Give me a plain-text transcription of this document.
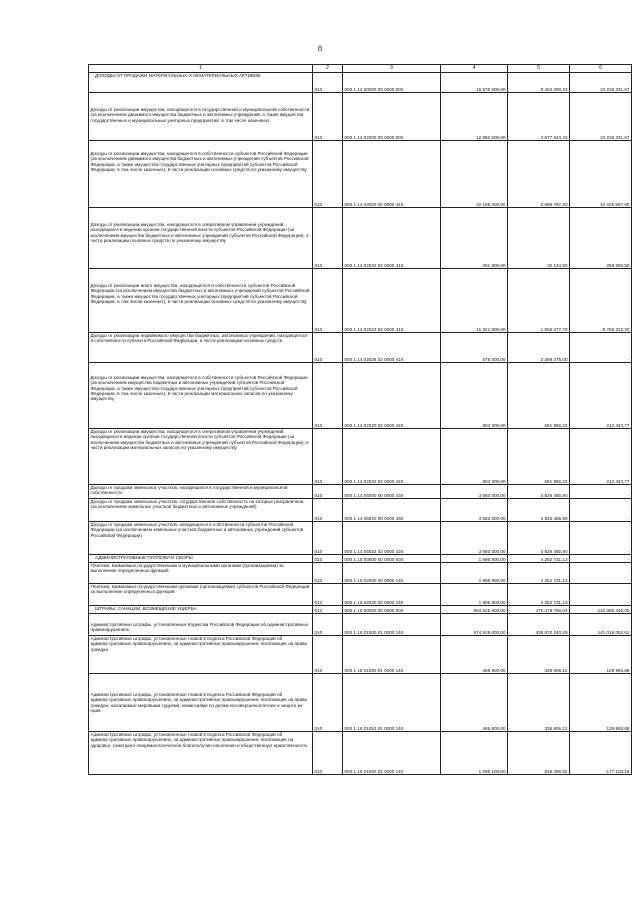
8
1	2	3	4	5	6
ДОХОДЫ ОТ ПРОДАЖИ МАТЕРИАЛЬНЫХ И НЕМАТЕРИАЛЬНЫХ АКТИВОВ	010	000 1 14 00000 00 0000 000	16 575 900,00	8 404 099,33	10 236 331,57
Доходы от реализации имущества, находящегося в государственной и муниципальной собственности (за исключением движимого имущества бюджетных и автономных учреждений, а также имущества государственных и муниципальных унитарных предприятий, в том числе казенных)	010	000 1 14 02000 00 0000 000	12 992 600,00	4 577 643,43	10 236 331,57
Доходы от реализации имущества, находящегося в собственности субъектов Российской Федерации (за исключением движимого имущества бюджетных и автономных учреждений субъектов Российской Федерации, а также имущества государственных унитарных предприятий субъектов Российской Федерации, в том числе казенных), в части реализации основных средств по указанному имуществу	010	000 1 14 02020 02 0000 410	12 188 300,00	3 985 787,20	10 025 587,80
Доходы от реализации имущества, находящегося в оперативном управлении учреждений, находящихся в ведении органов государственной власти субъектов Российской Федерации (за исключением имущества бюджетных и автономных учреждений субъектов Российской Федерации), в части реализации основных средств по указанному имуществу	010	000 1 14 02022 02 0000 410	291 800,00	32 134,50	259 665,50
Доходы от реализации иного имущества, находящегося в собственности субъектов Российской Федерации (за исключением имущества бюджетных и автономных учреждений субъектов Российской Федерации, а также имущества государственных унитарных предприятий субъектов Российской Федерации, в том числе казенных), в части реализации основных средств по указанному имуществу	010	000 1 14 02023 02 0000 410	11 321 500,00	1 555 277,70	9 766 222,30
Доходы от реализации недвижимого имущества бюджетных, автономных учреждений, находящегося в собственности субъекта Российской Федерации, в части реализации основных средств	010	000 1 14 02028 02 0000 410	575 000,00	2 398 375,00	-
Доходы от реализации имущества, находящегося в собственности субъектов Российской Федерации (за исключением имущества бюджетных и автономных учреждений субъектов Российской Федерации, а также имущества государственных унитарных предприятий субъектов Российской Федерации, в том числе казенных), в части реализации материальных запасов по указанному имуществу	010	000 1 14 02020 02 0000 440	804 300,00	591 856,23	212 443,77
Доходы от реализации имущества, находящегося в оперативном управлении учреждений, находящихся в ведении органов государственной власти субъектов Российской Федерации (за исключением имущества бюджетных и автономных учреждений субъектов Российской Федерации), в части реализации материальных запасов по указанному имуществу	010	000 1 14 02022 02 0000 440	804 300,00	591 856,23	212 443,77
Доходы от продажи земельных участков, находящихся в государственной и муниципальной собственности	010	000 1 14 06000 00 0000 430	3 583 300,00	3 826 455,90	-
Доходы от продажи земельных участков, государственная собственность на которые разграничена (за исключением земельных участков бюджетных и автономных учреждений)	010	000 1 14 06020 00 0000 430	3 583 300,00	3 826 455,90	-
Доходы от продажи земельных участков, находящихся в собственности субъектов Российской Федерации (за исключением земельных участков бюджетных и автономных учреждений субъектов Российской Федерации)	010	000 1 14 06022 02 0000 430	3 583 300,00	3 826 455,90	-
АДМИНИСТРАТИВНЫЕ ПЛАТЕЖИ И СБОРЫ	010	000 1 15 00000 00 0000 000	1 696 800,00	4 262 731,13	-
Платежи, взимаемые государственными и муниципальными органами (организациями) за выполнение определенных функций	010	000 1 15 02000 00 0000 140	1 696 800,00	4 262 731,13	-
Платежи, взимаемые государственными органами (организациями) субъектов Российской Федерации за выполнение определенных функций	010	000 1 15 02020 02 0000 140	1 696 800,00	4 262 731,13	-
ШТРАФЫ, САНКЦИИ, ВОЗМЕЩЕНИЕ УЩЕРБА	010	000 1 16 00000 00 0000 000	564 625 600,00	470 478 756,64	142 086 446,05
Административные штрафы, установленные Кодексом Российской Федерации об административных правонарушениях	010	000 1 16 01000 01 0000 140	574 529 000,00	435 870 240,29	141 018 052,62
Административные штрафы, установленные главой 5 Кодекса Российской Федерации об административных правонарушениях, за административные правонарушения, посягающие на права граждан	010	000 1 16 01050 01 0000 140	465 900,00	335 906,12	129 993,88
Административные штрафы, установленные главой 5 Кодекса Российской Федерации об административных правонарушениях, за административные правонарушения, посягающие на права граждан, налагаемые мировыми судьями, комиссиями по делам несовершеннолетних и защите их прав	010	000 1 16 01053 01 0000 140	465 900,00	335 906,12	129 993,88
Административные штрафы, установленные главой 6 Кодекса Российской Федерации об административных правонарушениях, за административные правонарушения, посягающие на здоровье, санитарно-эпидемиологическое благополучие населения и общественную нравственность	010	000 1 16 01060 01 0000 140	1 095 100,00	918 496,82	177 103,18
